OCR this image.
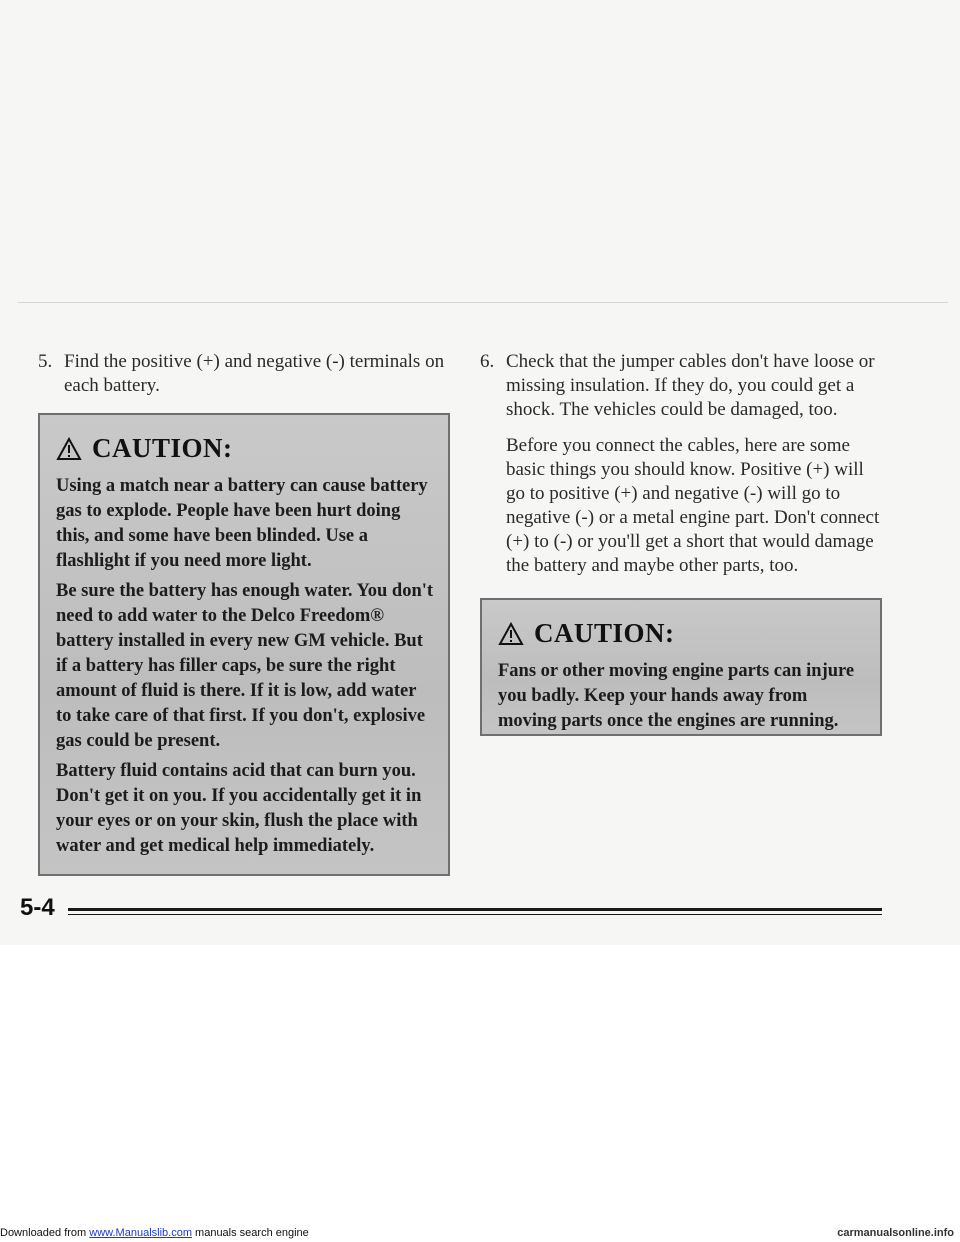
5. Find the positive (+) and negative (-) terminals on each battery.
CAUTION:

Using a match near a battery can cause battery gas to explode. People have been hurt doing this, and some have been blinded. Use a flashlight if you need more light.

Be sure the battery has enough water. You don't need to add water to the Delco Freedom® battery installed in every new GM vehicle. But if a battery has filler caps, be sure the right amount of fluid is there. If it is low, add water to take care of that first. If you don't, explosive gas could be present.

Battery fluid contains acid that can burn you. Don't get it on you. If you accidentally get it in your eyes or on your skin, flush the place with water and get medical help immediately.

6. Check that the jumper cables don't have loose or missing insulation. If they do, you could get a shock. The vehicles could be damaged, too.

Before you connect the cables, here are some basic things you should know. Positive (+) will go to positive (+) and negative (-) will go to negative (-) or a metal engine part. Don't connect (+) to (-) or you'll get a short that would damage the battery and maybe other parts, too.

CAUTION:

Fans or other moving engine parts can injure you badly. Keep your hands away from moving parts once the engines are running.

5-4
Downloaded from www.Manualslib.com manuals search engine	carmanualsonline.info
